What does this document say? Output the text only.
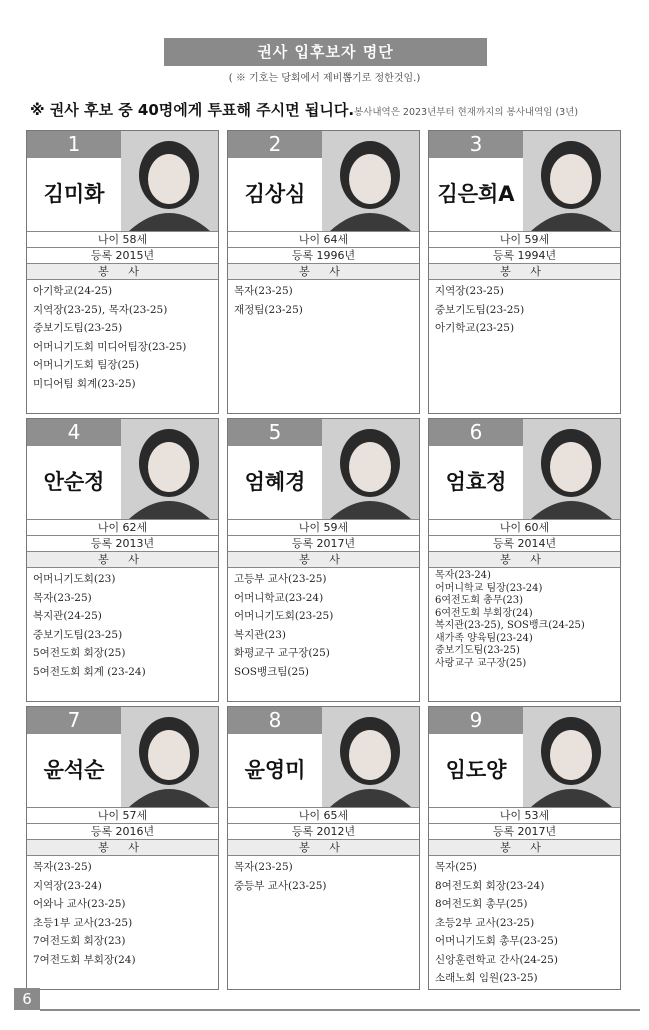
권사 입후보자 명단
( ※ 기호는 당회에서 제비뽑기로 정한것임.)
※ 권사 후보 중 40명에게 투표해 주시면 됩니다. 봉사내역은 2023년부터 현재까지의 봉사내역임 (3년)
1
김미화
나이 58세
등록 2015년
봉 사
아기학교(24-25)
지역장(23-25), 목자(23-25)
중보기도팀(23-25)
어머니기도회 미디어팀장(23-25)
어머니기도회 팀장(25)
미디어팀 회계(23-25)
2
김상심
나이 64세
등록 1996년
봉 사
목자(23-25)
재정팀(23-25)
3
김은희A
나이 59세
등록 1994년
봉 사
지역장(23-25)
중보기도팀(23-25)
아기학교(23-25)
4
안순정
나이 62세
등록 2013년
봉 사
어머니기도회(23)
목자(23-25)
복지관(24-25)
중보기도팀(23-25)
5여전도회 회장(25)
5여전도회 회계 (23-24)
5
엄혜경
나이 59세
등록 2017년
봉 사
고등부 교사(23-25)
어머니학교(23-24)
어머니기도회(23-25)
복지관(23)
화평교구 교구장(25)
SOS뱅크팀(25)
6
엄효정
나이 60세
등록 2014년
봉 사
목자(23-24)
어머니학교 팀장(23-24)
6여전도회 총무(23)
6여전도회 부회장(24)
복지관(23-25), SOS뱅크(24-25)
새가족 양육팀(23-24)
중보기도팀(23-25)
사랑교구 교구장(25)
7
윤석순
나이 57세
등록 2016년
봉 사
목자(23-25)
지역장(23-24)
어와나 교사(23-25)
초등1부 교사(23-25)
7여전도회 회장(23)
7여전도회 부회장(24)
8
윤영미
나이 65세
등록 2012년
봉 사
목자(23-25)
중등부 교사(23-25)
9
임도양
나이 53세
등록 2017년
봉 사
목자(25)
8여전도회 회장(23-24)
8여전도회 총무(25)
초등2부 교사(23-25)
어머니기도회 총무(23-25)
신앙훈련학교 간사(24-25)
소래노회 임원(23-25)
6
